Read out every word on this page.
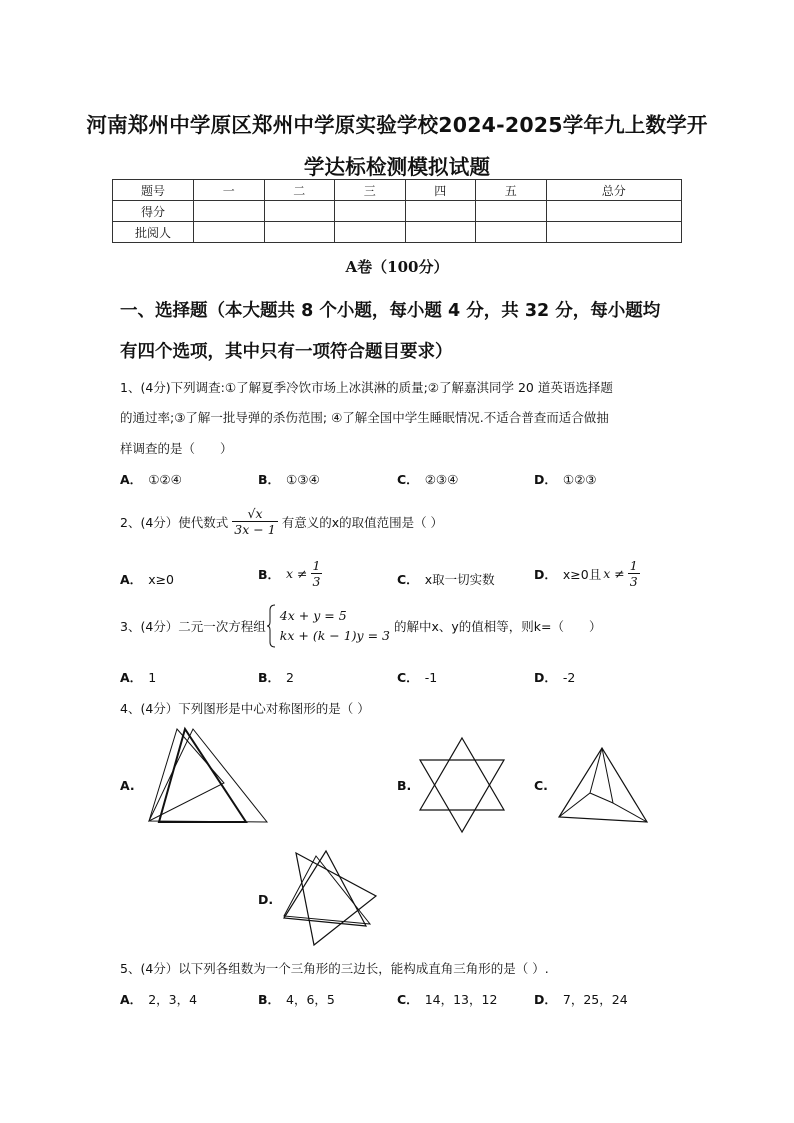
河南郑州中学原区郑州中学原实验学校2024-2025学年九上数学开
学达标检测模拟试题
题号	一	二	三	四	五	总分
得分						
批阅人						
A卷（100分）
一、选择题（本大题共 8 个小题，每小题 4 分，共 32 分，每小题均
有四个选项，其中只有一项符合题目要求）
1、(4分)下列调查:①了解夏季冷饮市场上冰淇淋的质量;②了解嘉淇同学 20 道英语选择题
的通过率;③了解一批导弹的杀伤范围; ④了解全国中学生睡眠情况.不适合普查而适合做抽
样调查的是（　　）
A． ①②④	B． ①③④	C． ②③④	D． ①②③
2、(4分）使代数式 $\frac{√x}{3x - 1}$ 有意义的x的取值范围是（ ）
A． x≥0	B． $x \ne \frac{1}{3}$	C． x取一切实数	D． x≥0且 $x \ne \frac{1}{3}$
3、(4分）二元一次方程组
4x + y = 5
kx + (k − 1)y = 3
的解中x、y的值相等，则k=（　　）
A． 1	B． 2	C． -1	D． -2
4、(4分）下列图形是中心对称图形的是（ ）
A.	B.	C.
D.
5、(4分）以下列各组数为一个三角形的三边长，能构成直角三角形的是（ ）.
A． 2，3，4	B． 4，6，5	C． 14，13，12	D． 7，25，24
